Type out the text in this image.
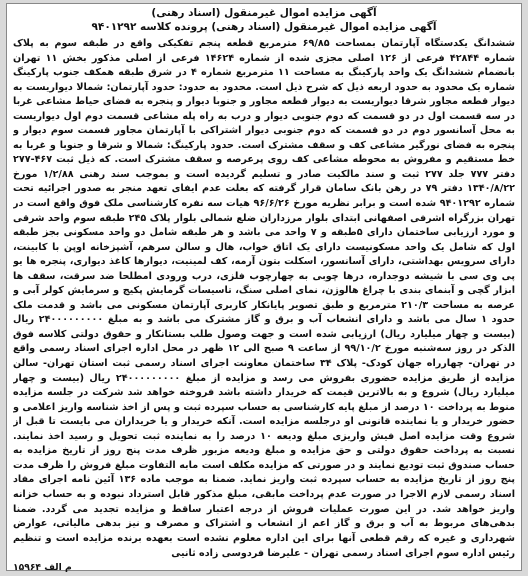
آگهی مزایده اموال غیرمنقول (اسناد رهنی)

آگهی مزایده اموال غیرمنقول (اسناد رهنی) پرونده کلاسه ۹۴۰۱۲۹۲

ششدانگ یکدستگاه آپارتمان بمساحت ۶۹/۸۵ مترمربع قطعه پنجم تفکیکی واقع در طبقه سوم به پلاک شماره ۴۲۸۴۴ فرعی از ۱۲۶ اصلی مجزی شده از شماره ۱۴۶۲۴ فرعی از اصلی مذکور بخش ۱۱ تهران بانضمام ششدانگ یک واحد پارکینگ به مساحت ۱۱ مترمربع شماره ۴ در شرق طبقه همکف جنوب پارکینگ شماره یک محدود به حدود اربعه ذیل که شرح ذیل است. محدود به حدود: حدود آپارتمان: شمالا دیواریست به دیوار قطعه مجاور شرقا دیواریست به دیوار قطعه مجاور و جنوبا دیوار و پنجره به فضای حیاط مشاعی غربا در سه قسمت اول در دو قسمت که دوم جنوبی دیوار و درب به راه پله مشاعی قسمت دوم اول دیواریست به محل آسانسور دوم در دو قسمت که دوم جنوبی دیوار اشتراکی با آپارتمان مجاور قسمت سوم دیوار و پنجره به فضای نورگیر مشاعی کف و سقف مشترک است. حدود پارکینگ: شمالا و شرقا و جنوبا و غربا به خط مستقیم و مفروش به محوطه مشاعی کف روی پرعرصه و سقف مشترک است. که ذیل ثبت ۴۶۷-۲۷۷ دفتر ۷۷۷ جلد ۲۷۷ ثبت و سند مالکیت صادر و تسلیم گردیده است و بموجب سند رهنی ۱/۲/۸۸ مورخ ۱۳۴۰/۸/۲۲ دفتر ۷۹ در رهن بانک سامان قرار گرفته که بعلت عدم ایفای تعهد منجر به صدور اجرائیه تحت شماره ۹۴۰۱۲۹۲ شده است و برابر نظریه مورخ ۹۶/۶/۲۶ هیات سه نفره کارشناسی ملک فوق واقع است در تهران بزرگراه اشرفی اصفهانی ابتدای بلوار مرزداران ضلع شمالی بلوار پلاک ۲۴۵ طبقه سوم واحد شرقی و مورد ارزیابی ساختمان دارای ۵طبقه و ۷ واحد می باشد و هر طبقه شامل دو واحد مسکونی بجز طبقه اول که شامل یک واحد مسکونیست دارای یک اتاق خواب، هال و سالن سرهم، آشپزخانه اوپن با کابینت، دارای سرویس بهداشتی، دارای آسانسور، اسکلت بتون آرمه، کف لمینیت، دیوارها کاغذ دیواری، پنجره ها یو پی وی سی با شیشه دوجداره، درها چوبی به چهارچوب فلزی، درب ورودی امطلحا ضد سرقت، سقف ها ابزار گچی و آبنمای بندی با چراغ هالوژن، نمای اصلی سنگ، تاسیسات گرمایش پکیج و سرمایش کولر آبی و عرصه به مساحت ۲۱۰/۳ مترمربع و طبق تصویر پایانکار کاربری آپارتمان مسکونی می باشد و قدمت ملک حدود ۱ سال می باشد و دارای انشعاب آب و برق و گاز مشترک می باشد و به مبلغ ۲۴۰۰۰۰۰۰۰۰۰ ریال (بیست و چهار میلیارد ریال) ارزیابی شده است و جهت وصول طلب بستانکار و حقوق دولتی کلاسه فوق الذکر در روز سه‌شنبه مورخ ۹۹/۱۰/۲ از ساعت ۹ صبح الی ۱۲ ظهر در محل اداره اجرای اسناد رسمی واقع در تهران- چهارراه جهان کودک- پلاک ۳۴ ساختمان معاونت اجرای اسناد رسمی ثبت استان تهران- سالن مزایده از طریق مزایده حضوری بفروش می رسد و مزایده از مبلغ ۲۴۰۰۰۰۰۰۰۰۰ ریال (بیست و چهار میلیارد ریال) شروع و به بالاترین قیمت که خریدار داشته باشد فروخته خواهد شد شرکت در جلسه مزایده منوط به پرداخت ۱۰ درصد از مبلغ پایه کارشناسی به حساب سپرده ثبت و پس از اخذ شناسه واریز اعلامی و حضور خریدار و یا نماینده قانونی او درجلسه مزایده است. آنکه خریدار و یا خریداران می بایست تا قبل از شروع وقت مزایده اصل فیش واریزی مبلغ ودیعه ۱۰ درصد را به نماینده ثبت تحویل و رسید اخذ نمایند. نسبت به پرداخت حقوق دولتی و حق مزایده و مبلغ ودیعه مزبور ظرف مدت پنج روز از تاریخ مزایده به حساب صندوق ثبت تودیع نمایند و در صورتی که مزایده مکلف است مابه التفاوت مبلغ فروش را ظرف مدت پنج روز از تاریخ مزایده به حساب سپرده ثبت واریز نماید. ضمنا به موجب ماده ۱۳۶ آئین نامه اجرای مفاد اسناد رسمی لازم الاجرا در صورت عدم پرداخت مابقی، مبلغ مذکور قابل استرداد نبوده و به حساب خزانه واریز خواهد شد. در این صورت عملیات فروش از درجه اعتبار ساقط و مزایده تجدید می گردد. ضمنا بدهی‌های مربوط به آب و برق و گاز اعم از انشعاب و اشتراک و مصرف و نیز بدهی مالیاتی، عوارض شهرداری و غیره که رقم قطعی آنها برای این اداره معلوم نشده است بعهده برنده مزایده است و تنظیم

رئیس اداره سوم اجرای اسناد رسمی تهران - علیرضا فردوسی زاده ثانیی

م الف ۱۵۹۶۴
